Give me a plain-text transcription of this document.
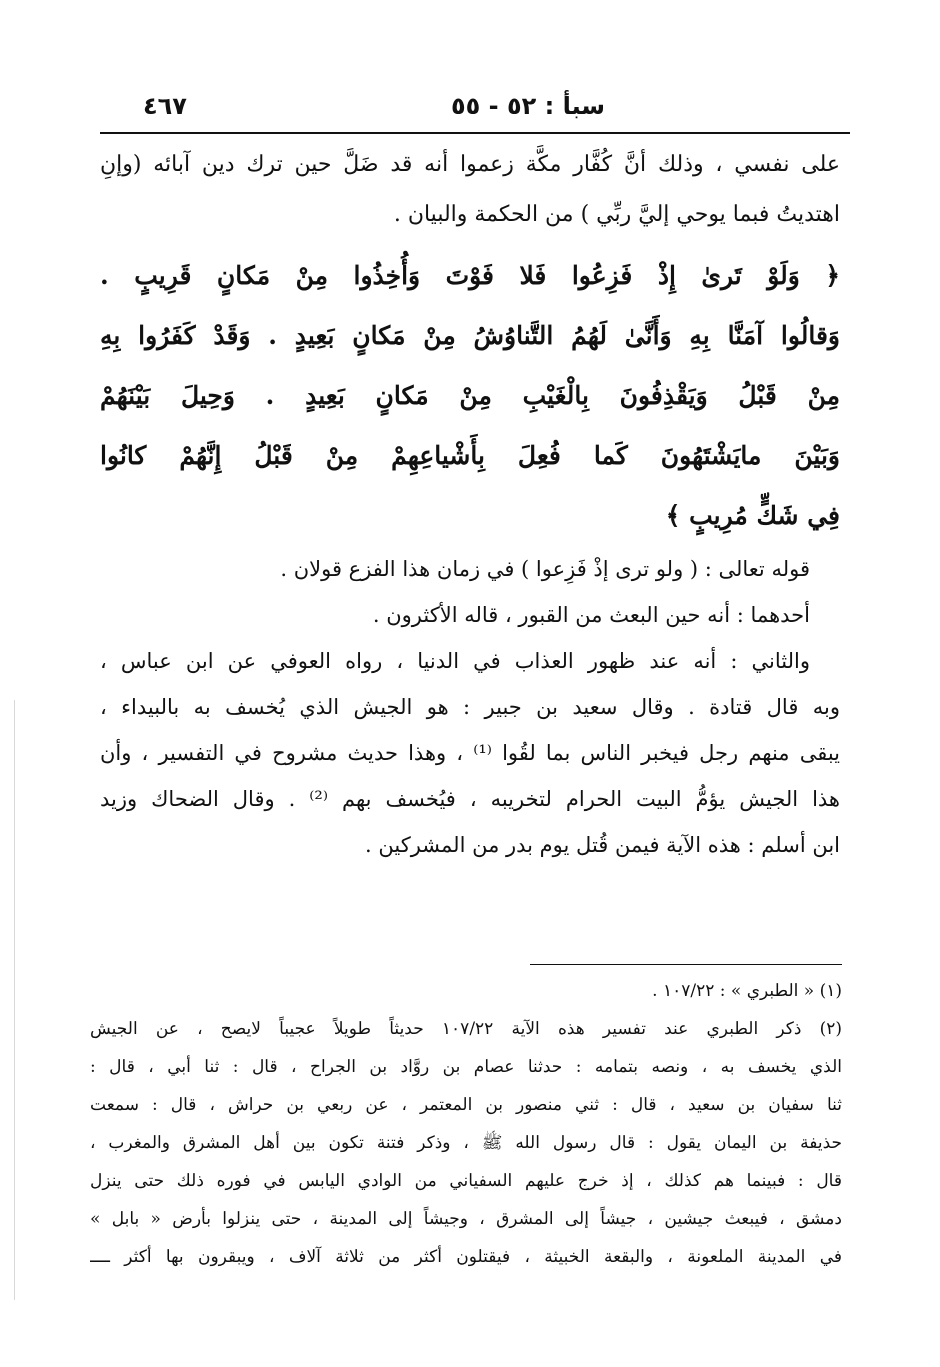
سبأ : ٥٢ - ٥٥
٤٦٧
على نفسي ، وذلك أنَّ كُفَّار مكَّة زعموا أنه قد ضَلَّ حين ترك دين آبائه (وإنِ
اهتديتُ فبما يوحي إليَّ ربِّي ) من الحكمة والبيان .
﴿ وَلَوْ تَرىٰ إِذْ فَزِعُوا فَلا فَوْتَ وَأُخِذُوا مِنْ مَكانٍ قَرِيبٍ .
وَقالُوا آمَنَّا بِهِ وَأَنَّىٰ لَهُمُ التَّناوُشُ مِنْ مَكانٍ بَعِيدٍ . وَقَدْ كَفَرُوا بِهِ
مِنْ قَبْلُ وَيَقْذِفُونَ بِالْغَيْبِ مِنْ مَكانٍ بَعِيدٍ . وَحِيلَ بَيْنَهُمْ
وَبَيْنَ مايَشْتَهُونَ كَما فُعِلَ بِأَشْياعِهِمْ مِنْ قَبْلُ إِنَّهُمْ كانُوا
فِي شَكٍّ مُرِيبٍ ﴾
قوله تعالى : ( ولو ترى إذْ فَزِعوا ) في زمان هذا الفزع قولان .
أحدهما : أنه حين البعث من القبور ، قاله الأكثرون .
والثاني : أنه عند ظهور العذاب في الدنيا ، رواه العوفي عن ابن عباس ،
وبه قال قتادة . وقال سعيد بن جبير : هو الجيش الذي يُخسف به بالبيداء ،
يبقى منهم رجل فيخبر الناس بما لقُوا ⁽¹⁾ ، وهذا حديث مشروح في التفسير ، وأن
هذا الجيش يؤمُّ البيت الحرام لتخريبه ، فيُخسف بهم ⁽²⁾ . وقال الضحاك وزيد
ابن أسلم : هذه الآية فيمن قُتل يوم بدر من المشركين .
(١) « الطبري » : ١٠٧/٢٢ .
(٢) ذكر الطبري عند تفسير هذه الآية ١٠٧/٢٢ حديثاً طويلاً عجيباً لايصح ، عن الجيش
الذي يخسف به ، ونصه بتمامه : حدثنا عصام بن روَّاد بن الجراح ، قال : ثنا أبي ، قال :
ثنا سفيان بن سعيد ، قال : ثني منصور بن المعتمر ، عن ربعي بن حراش ، قال : سمعت
حذيفة بن اليمان يقول : قال رسول الله ﷺ ، وذكر فتنة تكون بين أهل المشرق والمغرب ،
قال : فبينما هم كذلك ، إذ خرج عليهم السفياني من الوادي اليابس في فوره ذلك حتى ينزل
دمشق ، فيبعث جيشين ، جيشاً إلى المشرق ، وجيشاً إلى المدينة ، حتى ينزلوا بأرض « بابل »
في المدينة الملعونة ، والبقعة الخبيثة ، فيقتلون أكثر من ثلاثة آلاف ، ويبقرون بها أكثر ــــ
